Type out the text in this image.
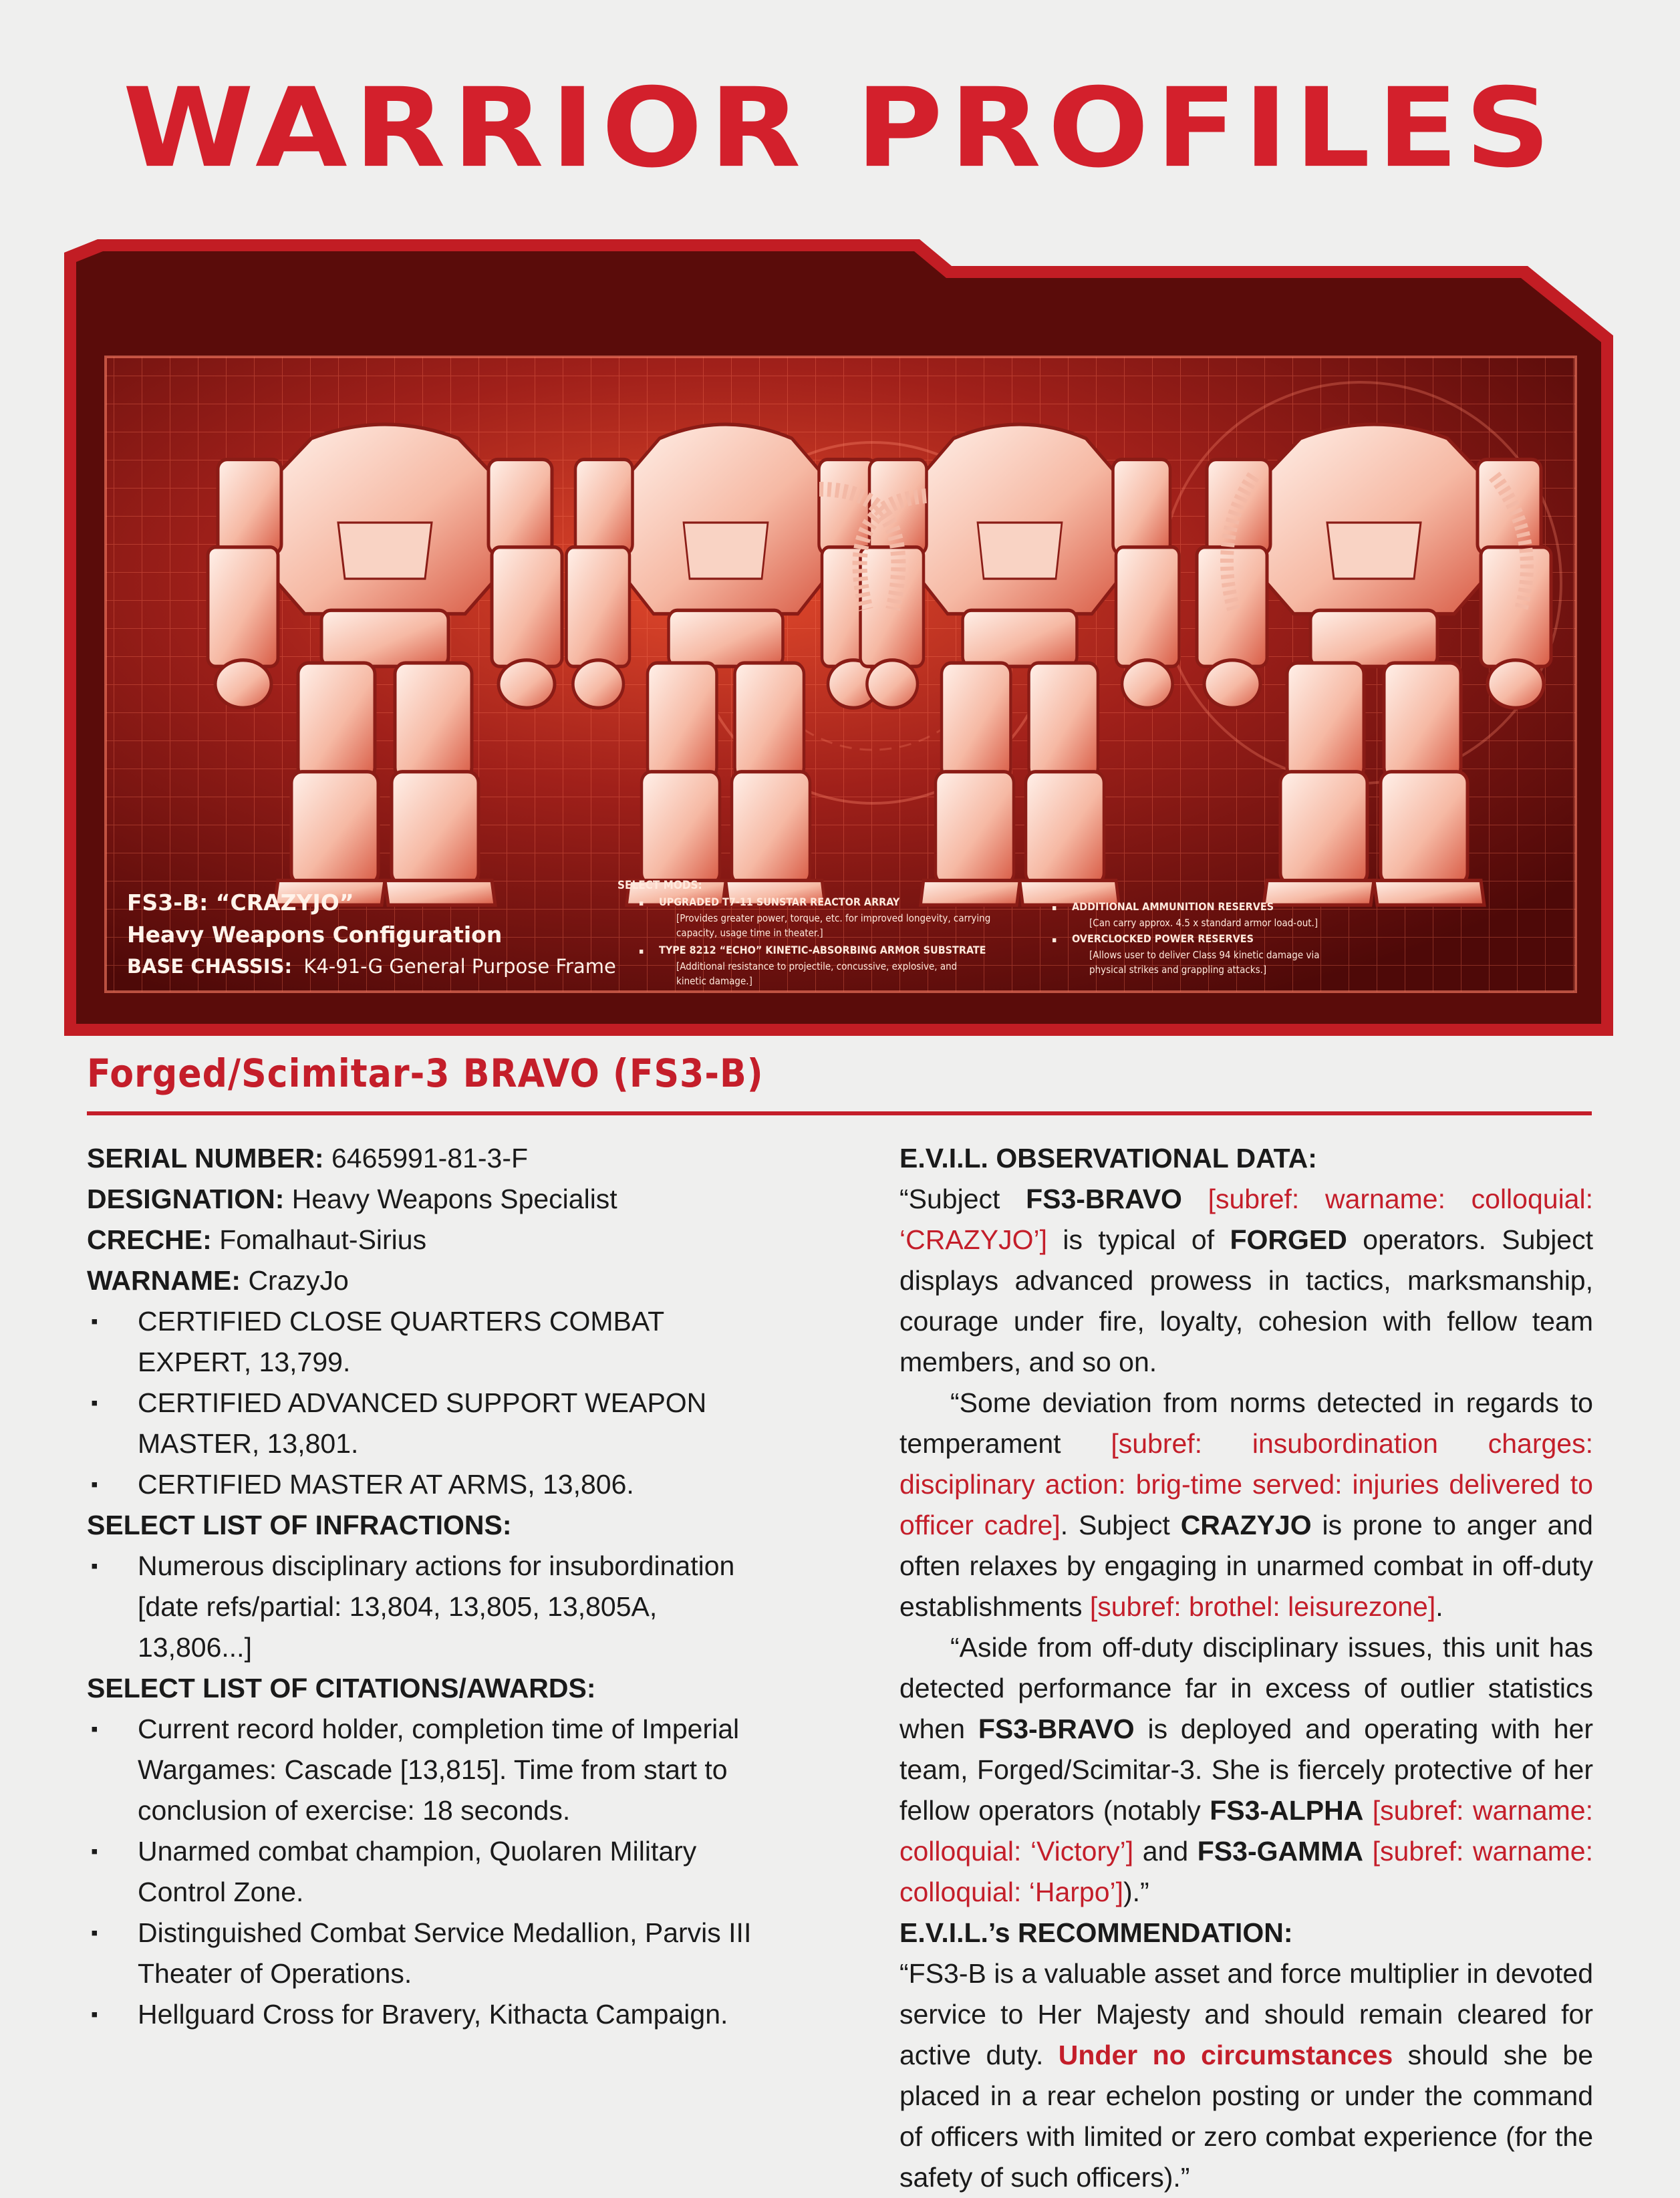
WARRIOR PROFILES
FS3-B: “CRAZYJO”
Heavy Weapons Configuration
BASE CHASSIS: K4-91-G General Purpose Frame
SELECT MODS:
▪ UPGRADED T7-11 SUNSTAR REACTOR ARRAY
[Provides greater power, torque, etc. for improved longevity, carrying
capacity, usage time in theater.]
▪ TYPE 8212 “ECHO” KINETIC-ABSORBING ARMOR SUBSTRATE
[Additional resistance to projectile, concussive, explosive, and
kinetic damage.]
▪ ADDITIONAL AMMUNITION RESERVES
[Can carry approx. 4.5 x standard armor load-out.]
▪ OVERCLOCKED POWER RESERVES
[Allows user to deliver Class 94 kinetic damage via
physical strikes and grappling attacks.]
Forged/Scimitar-3 BRAVO (FS3-B)
SERIAL NUMBER: 6465991-81-3-F
DESIGNATION: Heavy Weapons Specialist
CRECHE: Fomalhaut-Sirius
WARNAME: CrazyJo
▪ CERTIFIED CLOSE QUARTERS COMBAT
EXPERT, 13,799.
▪ CERTIFIED ADVANCED SUPPORT WEAPON
MASTER, 13,801.
▪ CERTIFIED MASTER AT ARMS, 13,806.
SELECT LIST OF INFRACTIONS:
▪ Numerous disciplinary actions for insubordination
[date refs/partial: 13,804, 13,805, 13,805A,
13,806...]
SELECT LIST OF CITATIONS/AWARDS:
▪ Current record holder, completion time of Imperial
Wargames: Cascade [13,815]. Time from start to
conclusion of exercise: 18 seconds.
▪ Unarmed combat champion, Quolaren Military
Control Zone.
▪ Distinguished Combat Service Medallion, Parvis III
Theater of Operations.
▪ Hellguard Cross for Bravery, Kithacta Campaign.
E.V.I.L. OBSERVATIONAL DATA:
“Subject FS3-BRAVO [subref: warname: colloquial: ‘CRAZYJO’] is typical of FORGED operators. Subject displays advanced prowess in tactics, marksmanship, courage under fire, loyalty, cohesion with fellow team members, and so on.
“Some deviation from norms detected in regards to temperament [subref: insubordination charges: disciplinary action: brig-time served: injuries delivered to officer cadre]. Subject CRAZYJO is prone to anger and often relaxes by engaging in unarmed combat in off-duty establishments [subref: brothel: leisurezone].
“Aside from off-duty disciplinary issues, this unit has detected performance far in excess of outlier statistics when FS3-BRAVO is deployed and operating with her team, Forged/Scimitar-3. She is fiercely protective of her fellow operators (notably FS3-ALPHA [subref: warname: colloquial: ‘Victory’] and FS3-GAMMA [subref: warname: colloquial: ‘Harpo’]).”
E.V.I.L.’s RECOMMENDATION:
“FS3-B is a valuable asset and force multiplier in devoted service to Her Majesty and should remain cleared for active duty. Under no circumstances should she be placed in a rear echelon posting or under the command of officers with limited or zero combat experience (for the safety of such officers).”
